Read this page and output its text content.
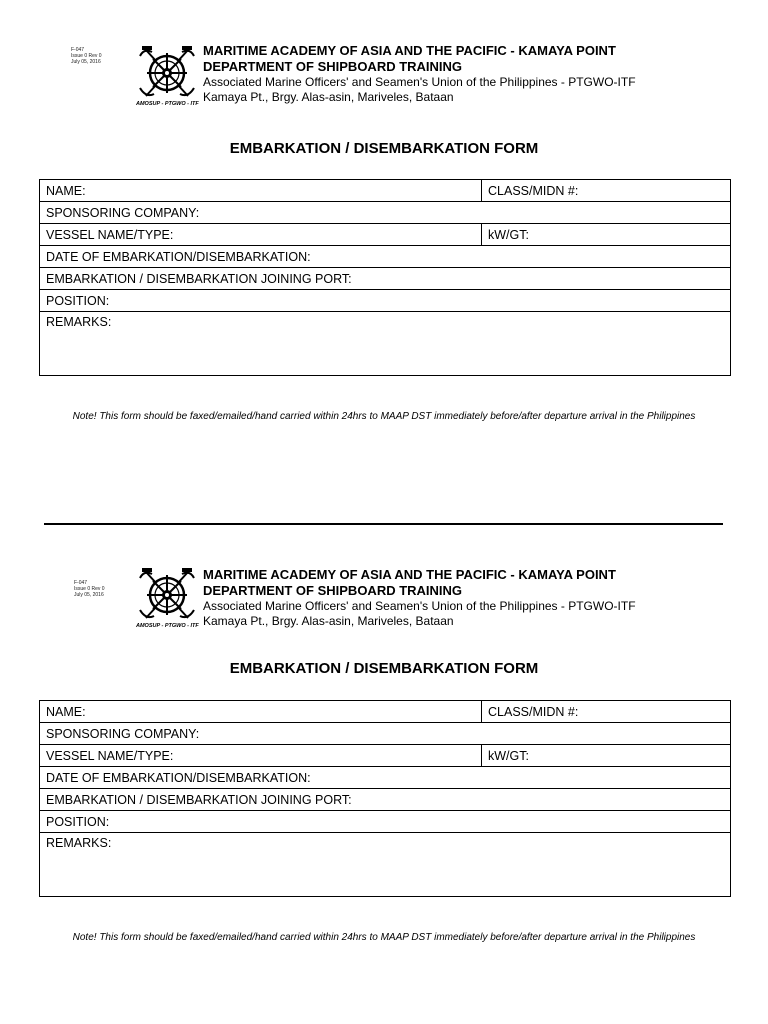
F-047
Issue 0 Rev 0
July 05, 2016
AMOSUP - PTGWO - ITF
MARITIME ACADEMY OF ASIA AND THE PACIFIC - KAMAYA POINT
DEPARTMENT OF SHIPBOARD TRAINING
Associated Marine Officers' and Seamen's Union of the Philippines - PTGWO-ITF
Kamaya Pt., Brgy. Alas-asin, Mariveles, Bataan
EMBARKATION / DISEMBARKATION FORM
NAME:	CLASS/MIDN #:
SPONSORING COMPANY:	
VESSEL NAME/TYPE:	kW/GT:
DATE OF EMBARKATION/DISEMBARKATION:	
EMBARKATION / DISEMBARKATION JOINING PORT:	
POSITION:	
REMARKS:	
Note! This form should be faxed/emailed/hand carried within 24hrs to MAAP DST immediately before/after departure arrival in the Philippines
F-047
Issue 0 Rev 0
July 05, 2016
AMOSUP - PTGWO - ITF
MARITIME ACADEMY OF ASIA AND THE PACIFIC - KAMAYA POINT
DEPARTMENT OF SHIPBOARD TRAINING
Associated Marine Officers' and Seamen's Union of the Philippines - PTGWO-ITF
Kamaya Pt., Brgy. Alas-asin, Mariveles, Bataan
EMBARKATION / DISEMBARKATION FORM
NAME:	CLASS/MIDN #:
SPONSORING COMPANY:	
VESSEL NAME/TYPE:	kW/GT:
DATE OF EMBARKATION/DISEMBARKATION:	
EMBARKATION / DISEMBARKATION JOINING PORT:	
POSITION:	
REMARKS:	
Note! This form should be faxed/emailed/hand carried within 24hrs to MAAP DST immediately before/after departure arrival in the Philippines
